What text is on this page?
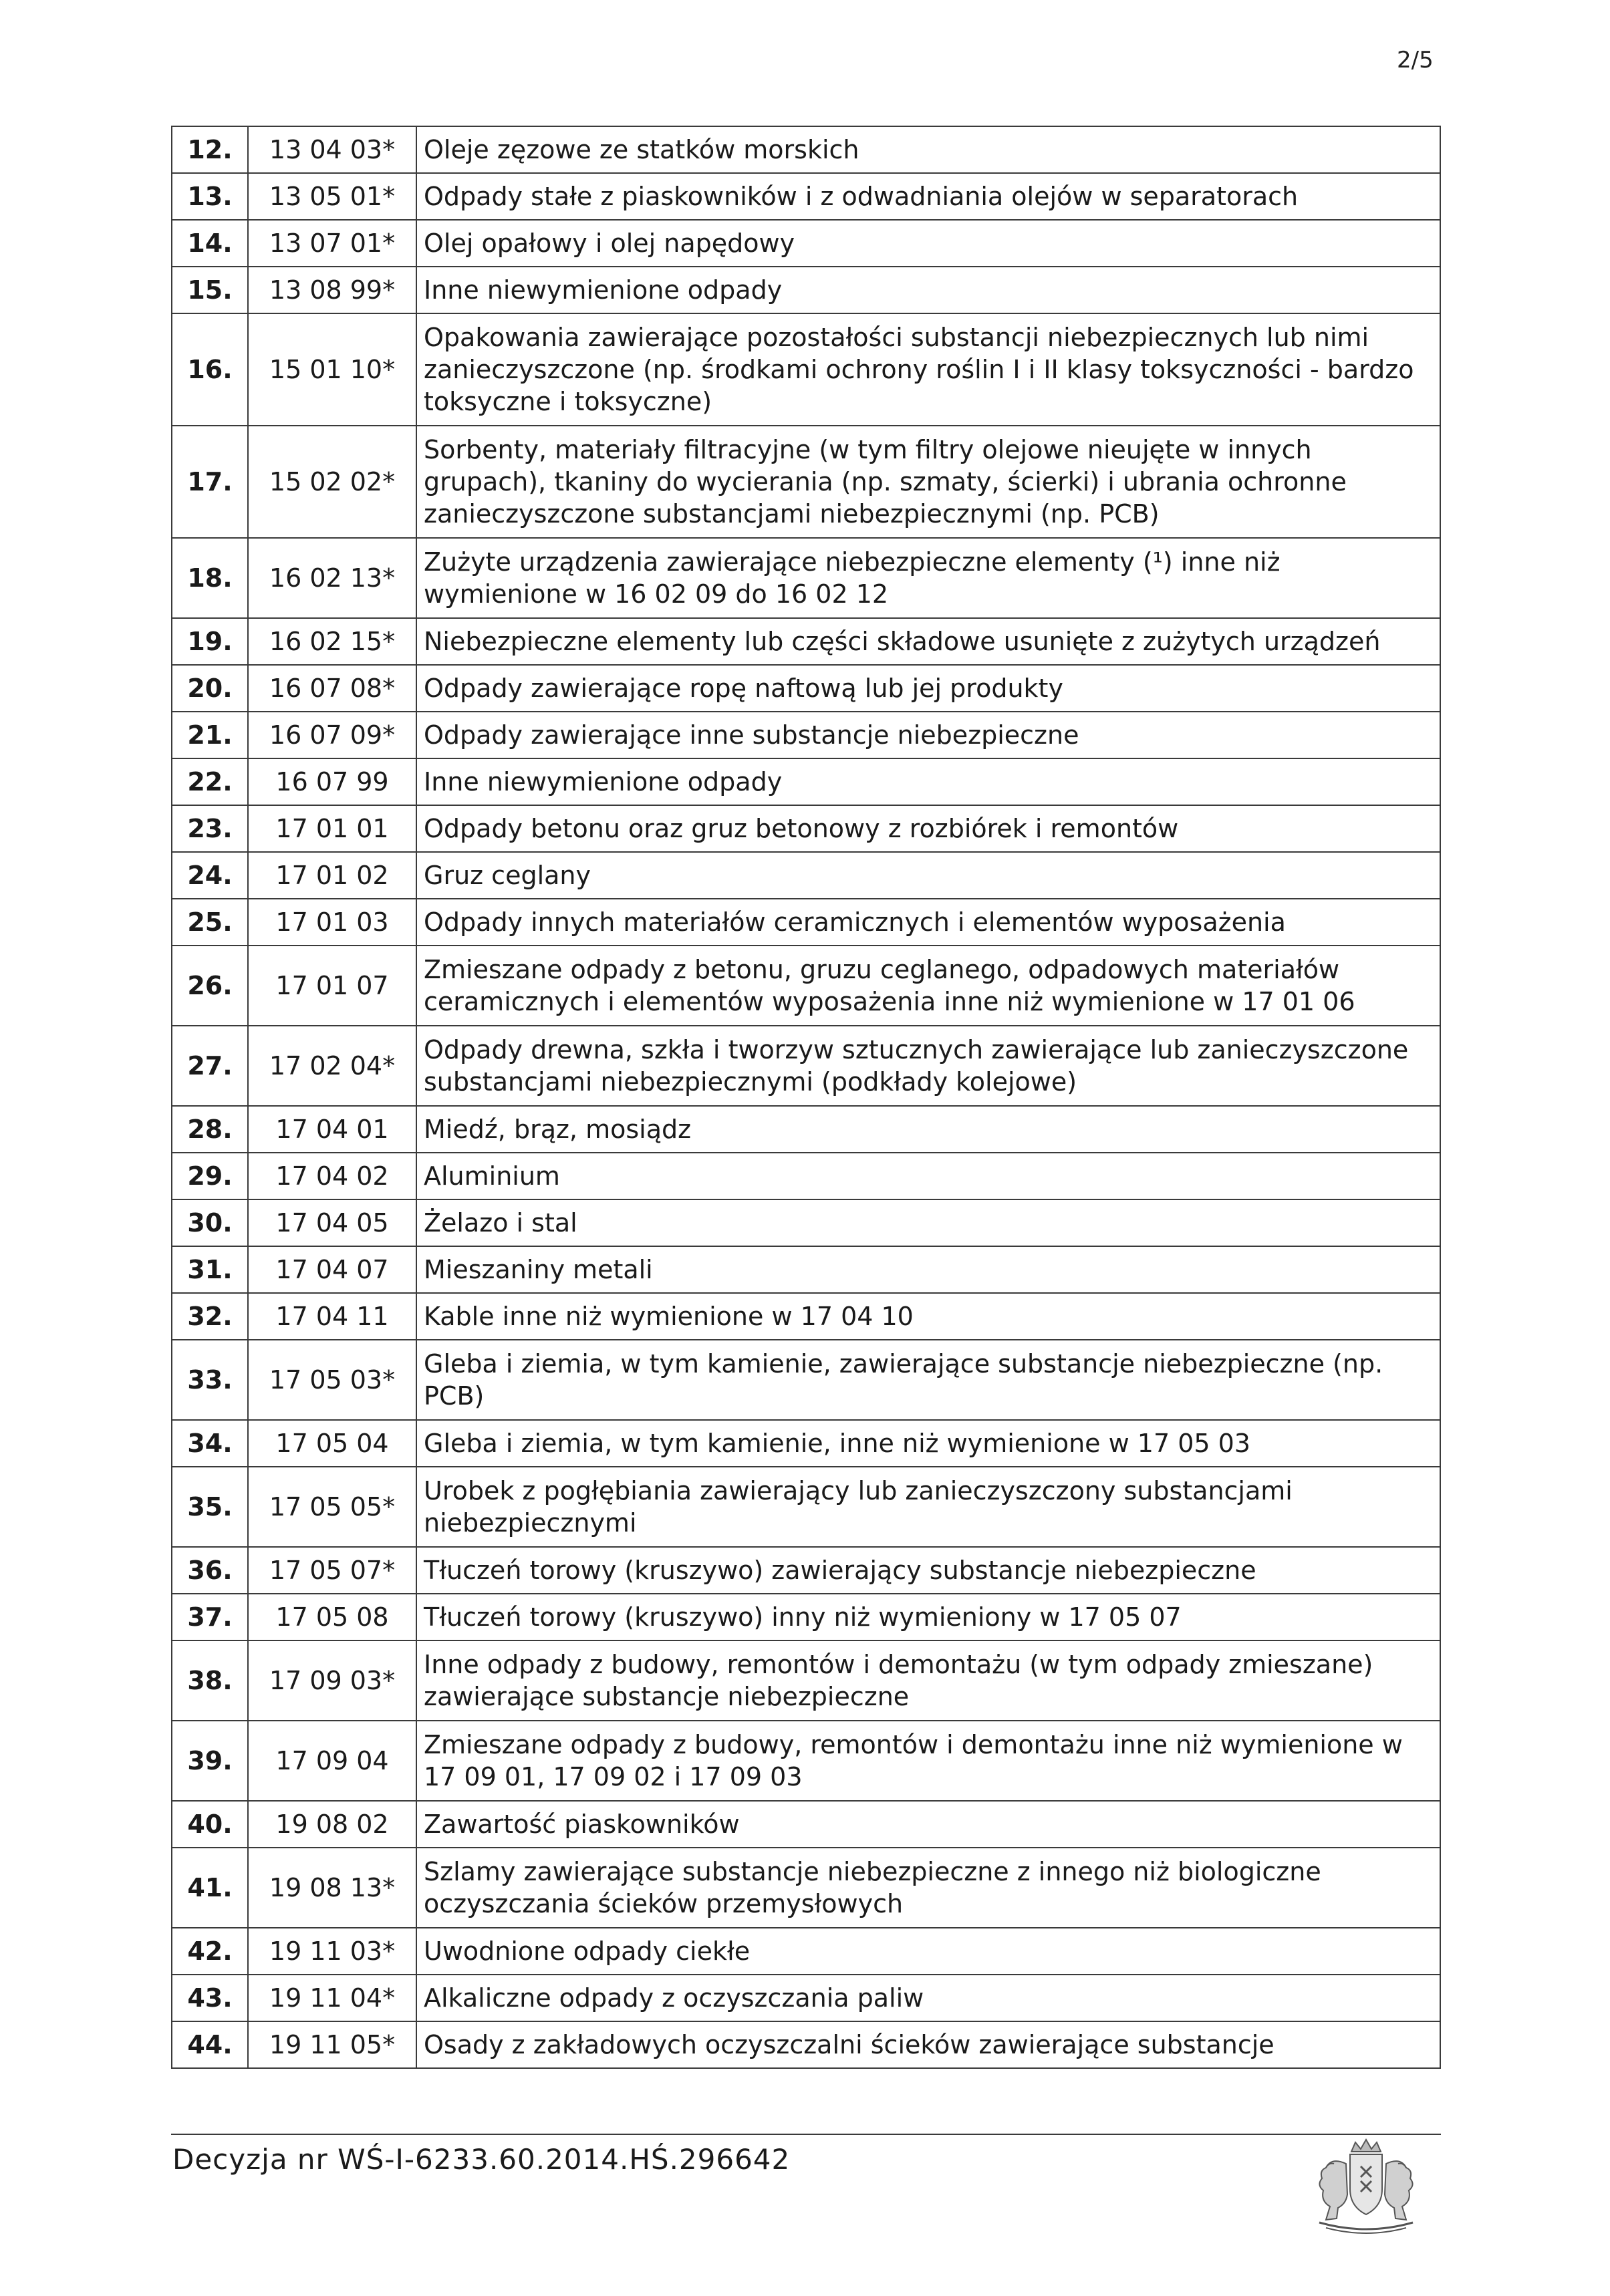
2/5
12.	13 04 03*	Oleje zęzowe ze statków morskich
13.	13 05 01*	Odpady stałe z piaskowników i z odwadniania olejów w separatorach
14.	13 07 01*	Olej opałowy i olej napędowy
15.	13 08 99*	Inne niewymienione odpady
16.	15 01 10*	Opakowania zawierające pozostałości substancji niebezpiecznych lub nimi zanieczyszczone (np. środkami ochrony roślin I i II klasy toksyczności - bardzo toksyczne i toksyczne)
17.	15 02 02*	Sorbenty, materiały filtracyjne (w tym filtry olejowe nieujęte w innych grupach), tkaniny do wycierania (np. szmaty, ścierki) i ubrania ochronne zanieczyszczone substancjami niebezpiecznymi (np. PCB)
18.	16 02 13*	Zużyte urządzenia zawierające niebezpieczne elementy (¹) inne niż wymienione w 16 02 09 do 16 02 12
19.	16 02 15*	Niebezpieczne elementy lub części składowe usunięte z zużytych urządzeń
20.	16 07 08*	Odpady zawierające ropę naftową lub jej produkty
21.	16 07 09*	Odpady zawierające inne substancje niebezpieczne
22.	16 07 99	Inne niewymienione odpady
23.	17 01 01	Odpady betonu oraz gruz betonowy z rozbiórek i remontów
24.	17 01 02	Gruz ceglany
25.	17 01 03	Odpady innych materiałów ceramicznych i elementów wyposażenia
26.	17 01 07	Zmieszane odpady z betonu, gruzu ceglanego, odpadowych materiałów ceramicznych i elementów wyposażenia inne niż wymienione w 17 01 06
27.	17 02 04*	Odpady drewna, szkła i tworzyw sztucznych zawierające lub zanieczyszczone substancjami niebezpiecznymi (podkłady kolejowe)
28.	17 04 01	Miedź, brąz, mosiądz
29.	17 04 02	Aluminium
30.	17 04 05	Żelazo i stal
31.	17 04 07	Mieszaniny metali
32.	17 04 11	Kable inne niż wymienione w 17 04 10
33.	17 05 03*	Gleba i ziemia, w tym kamienie, zawierające substancje niebezpieczne (np. PCB)
34.	17 05 04	Gleba i ziemia, w tym kamienie, inne niż wymienione w 17 05 03
35.	17 05 05*	Urobek z pogłębiania zawierający lub zanieczyszczony substancjami niebezpiecznymi
36.	17 05 07*	Tłuczeń torowy (kruszywo) zawierający substancje niebezpieczne
37.	17 05 08	Tłuczeń torowy (kruszywo) inny niż wymieniony w 17 05 07
38.	17 09 03*	Inne odpady z budowy, remontów i demontażu (w tym odpady zmieszane) zawierające substancje niebezpieczne
39.	17 09 04	Zmieszane odpady z budowy, remontów i demontażu inne niż wymienione w 17 09 01, 17 09 02 i 17 09 03
40.	19 08 02	Zawartość piaskowników
41.	19 08 13*	Szlamy zawierające substancje niebezpieczne z innego niż biologiczne oczyszczania ścieków przemysłowych
42.	19 11 03*	Uwodnione odpady ciekłe
43.	19 11 04*	Alkaliczne odpady z oczyszczania paliw
44.	19 11 05*	Osady z zakładowych oczyszczalni ścieków zawierające substancje
Decyzja nr WŚ-I-6233.60.2014.HŚ.296642
